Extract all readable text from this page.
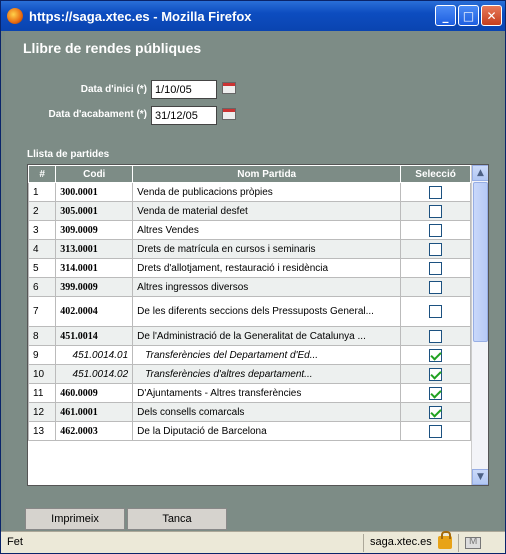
https://saga.xtec.es - Mozilla Firefox	_	□	✕
Llibre de rendes públiques
Data d'inici (*)
1/10/05
Data d'acabament (*)
31/12/05
Llista de partides
#	Codi	Nom Partida	Selecció
1	300.0001	Venda de publicacions pròpies	
2	305.0001	Venda de material desfet	
3	309.0009	Altres Vendes	
4	313.0001	Drets de matrícula en cursos i seminaris	
5	314.0001	Drets d'allotjament, restauració i residència	
6	399.0009	Altres ingressos diversos	
7	402.0004	De les diferents seccions dels Pressuposts General...	
8	451.0014	De l'Administració de la Generalitat de Catalunya ...	
9	451.0014.01	Transferències del Departament d'Ed...	
10	451.0014.02	Transferències d'altres departament...	
11	460.0009	D'Ajuntaments - Altres transferències	
12	461.0001	Dels consells comarcals	
13	462.0003	De la Diputació de Barcelona	
▲
▼
Imprimeix	Tanca
Fet	saga.xtec.es
M
